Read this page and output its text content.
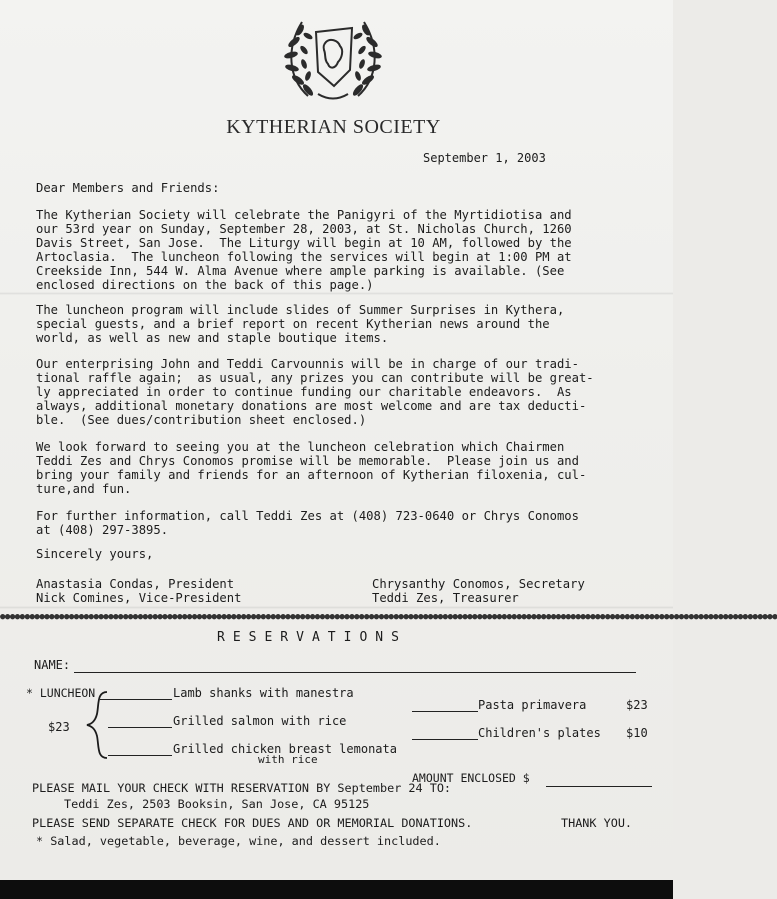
KYTHERIAN SOCIETY
September 1, 2003
Dear Members and Friends:
The Kytherian Society will celebrate the Panigyri of the Myrtidiotisa and
our 53rd year on Sunday, September 28, 2003, at St. Nicholas Church, 1260
Davis Street, San Jose.  The Liturgy will begin at 10 AM, followed by the
Artoclasia.  The luncheon following the services will begin at 1:00 PM at
Creekside Inn, 544 W. Alma Avenue where ample parking is available. (See
enclosed directions on the back of this page.)
The luncheon program will include slides of Summer Surprises in Kythera,
special guests, and a brief report on recent Kytherian news around the
world, as well as new and staple boutique items.
Our enterprising John and Teddi Carvounnis will be in charge of our tradi-
tional raffle again;  as usual, any prizes you can contribute will be great-
ly appreciated in order to continue funding our charitable endeavors.  As
always, additional monetary donations are most welcome and are tax deducti-
ble.  (See dues/contribution sheet enclosed.)
We look forward to seeing you at the luncheon celebration which Chairmen
Teddi Zes and Chrys Conomos promise will be memorable.  Please join us and
bring your family and friends for an afternoon of Kytherian filoxenia, cul-
ture,and fun.
For further information, call Teddi Zes at (408) 723-0640 or Chrys Conomos
at (408) 297-3895.
Sincerely yours,
Anastasia Condas, President
Nick Comines, Vice-President
Chrysanthy Conomos, Secretary
Teddi Zes, Treasurer
●●●●●●●●●●●●●●●●●●●●●●●●●●●●●●●●●●●●●●●●●●●●●●●●●●●●●●●●●●●●●●●●●●●●●●●●●●●●●●●●●●●●●●●●●●●●●●●●●●●●●●●●●●●●●●●●●●●●●●●●●●●●●●●●●●●●●●●●●●●●●●●●●●●●●●●●●●●●●●
RESERVATIONS
NAME:
* LUNCHEON
$23
Lamb shanks with manestra
Grilled salmon with rice
Grilled chicken breast lemonata
with rice
Pasta primavera	$23
Children's plates $10
AMOUNT ENCLOSED $
PLEASE MAIL YOUR CHECK WITH RESERVATION BY September 24 TO:
Teddi Zes, 2503 Booksin, San Jose, CA 95125
PLEASE SEND SEPARATE CHECK FOR DUES AND OR MEMORIAL DONATIONS.	THANK YOU.
* Salad, vegetable, beverage, wine, and dessert included.
